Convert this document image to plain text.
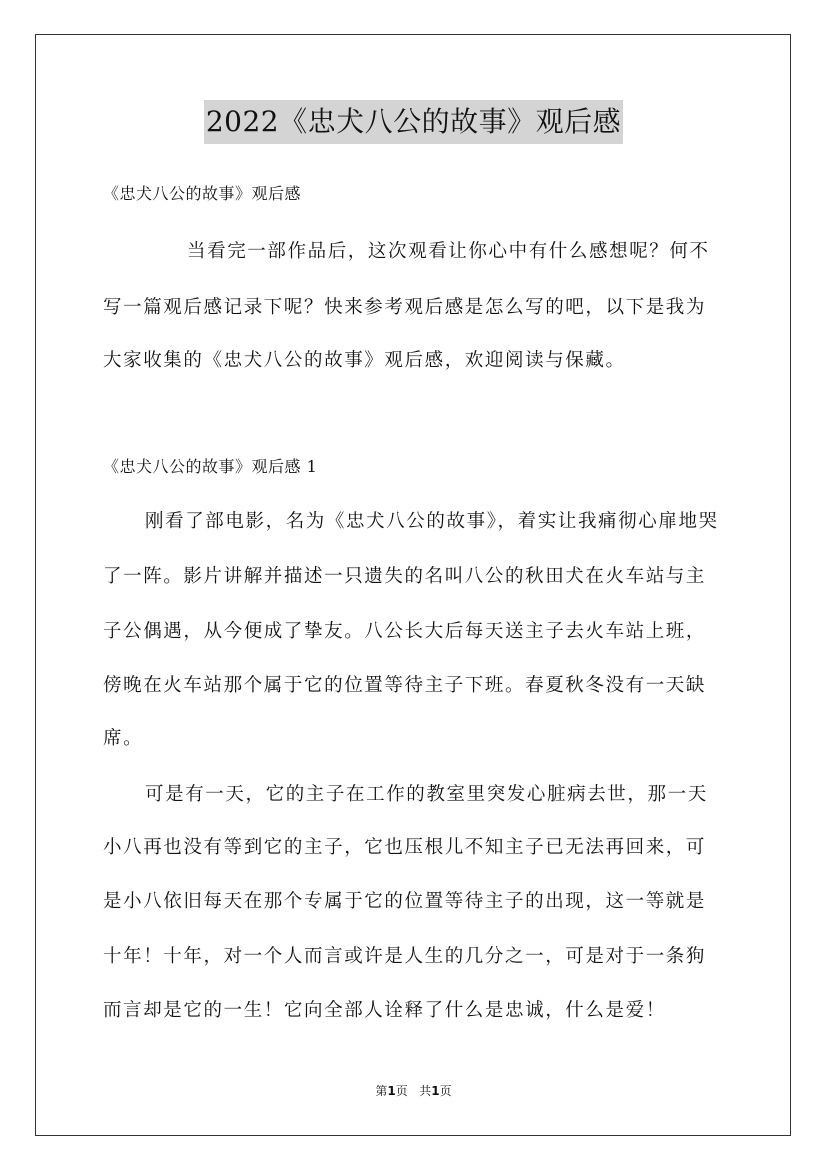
2022《忠犬八公的故事》观后感
《忠犬八公的故事》观后感
当看完一部作品后，这次观看让你心中有什么感想呢？何不
写一篇观后感记录下呢？快来参考观后感是怎么写的吧，以下是我为
大家收集的《忠犬八公的故事》观后感，欢迎阅读与保藏。
《忠犬八公的故事》观后感 1
刚看了部电影，名为《忠犬八公的故事》，着实让我痛彻心扉地哭
了一阵。影片讲解并描述一只遗失的名叫八公的秋田犬在火车站与主
子公偶遇，从今便成了挚友。八公长大后每天送主子去火车站上班，
傍晚在火车站那个属于它的位置等待主子下班。春夏秋冬没有一天缺
席。
可是有一天，它的主子在工作的教室里突发心脏病去世，那一天
小八再也没有等到它的主子，它也压根儿不知主子已无法再回来，可
是小八依旧每天在那个专属于它的位置等待主子的出现，这一等就是
十年！十年，对一个人而言或许是人生的几分之一，可是对于一条狗
而言却是它的一生！它向全部人诠释了什么是忠诚，什么是爱！
第1页 共1页
